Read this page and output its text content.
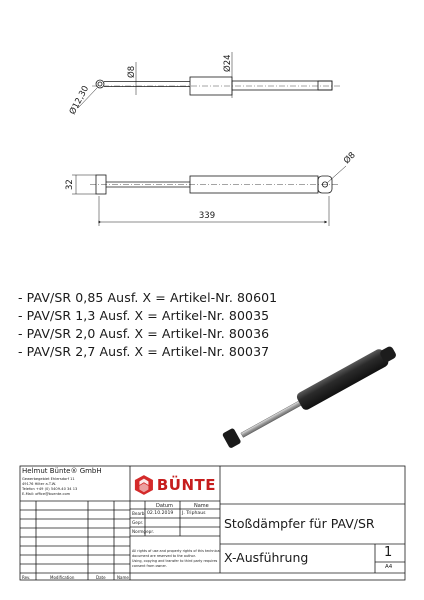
Ø12,30
Ø8	Ø24
32
Ø8
339
- PAV/SR 0,85 Ausf. X = Artikel-Nr. 80601
- PAV/SR 1,3 Ausf. X = Artikel-Nr. 80035
- PAV/SR 2,0 Ausf. X = Artikel-Nr. 80036
- PAV/SR 2,7 Ausf. X = Artikel-Nr. 80037
Helmut Bünte® GmbH
Gewerbegebiet Ehlersdorf 11
49176 Hilter a.T.W.
Telefon +49 (0) 5409-40 34 13
E-Mail: office@buente.com
BÜNTE
Datum	Name
Bearb. 02.10.2019 J. Triphaus
Gepr.
Normgepr.
All rights of use and property rights of this technical
document are reserved to the author.
Using, copying and transfer to third party requires
consent from owner.
Stoßdämpfer für PAV/SR
X-Ausführung	1
A4
Rev.	Modification	Date	Name
